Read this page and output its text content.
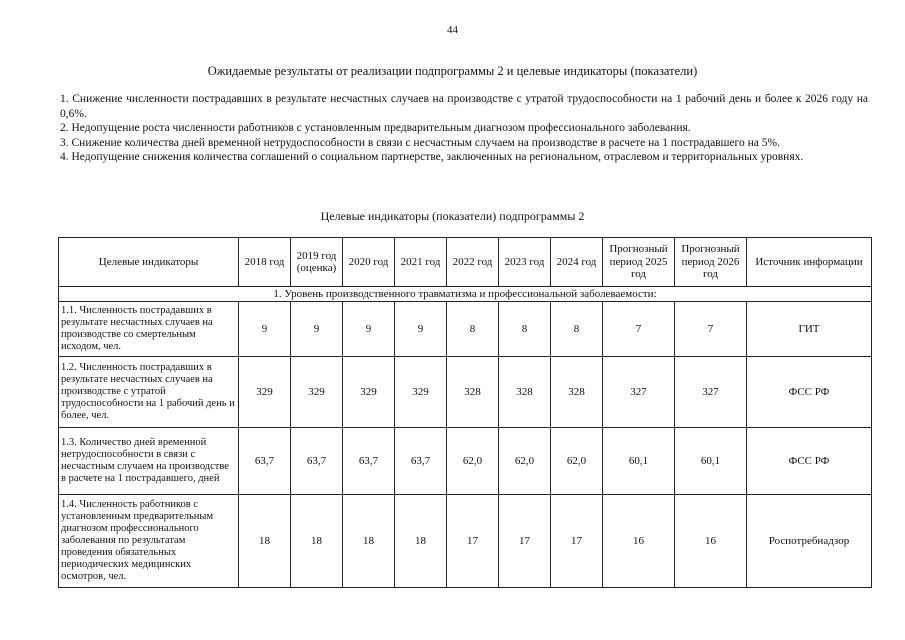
44
Ожидаемые результаты от реализации подпрограммы 2 и целевые индикаторы (показатели)

1. Снижение численности пострадавших в результате несчастных случаев на производстве с утратой трудоспособности на 1 рабочий день и более к 2026 году на 0,6%.

2. Недопущение роста численности работников с установленным предварительным диагнозом профессионального заболевания.

3. Снижение количества дней временной нетрудоспособности в связи с несчастным случаем на производстве в расчете на 1 пострадавшего на 5%.

4. Недопущение снижения количества соглашений о социальном партнерстве, заключенных на региональном, отраслевом и территориальных уровнях.

Целевые индикаторы (показатели) подпрограммы 2
Целевые индикаторы	2018 год	2019 год (оценка)	2020 год	2021 год	2022 год	2023 год	2024 год	Прогнозный период 2025 год	Прогнозный период 2026 год	Источник информации
1. Уровень производственного травматизма и профессиональной заболеваемости:										
1.1. Численность пострадавших в результате несчастных случаев на производстве со смертельным исходом, чел.	9	9	9	9	8	8	8	7	7	ГИТ
1.2. Численность пострадавших в результате несчастных случаев на производстве с утратой трудоспособности на 1 рабочий день и более, чел.	329	329	329	329	328	328	328	327	327	ФСС РФ
1.3. Количество дней временной нетрудоспособности в связи с несчастным случаем на производстве в расчете на 1 пострадавшего, дней	63,7	63,7	63,7	63,7	62,0	62,0	62,0	60,1	60,1	ФСС РФ
1.4. Численность работников с установленным предварительным диагнозом профессионального заболевания по результатам проведения обязательных периодических медицинских осмотров, чел.	18	18	18	18	17	17	17	16	16	Роспотребнадзор
